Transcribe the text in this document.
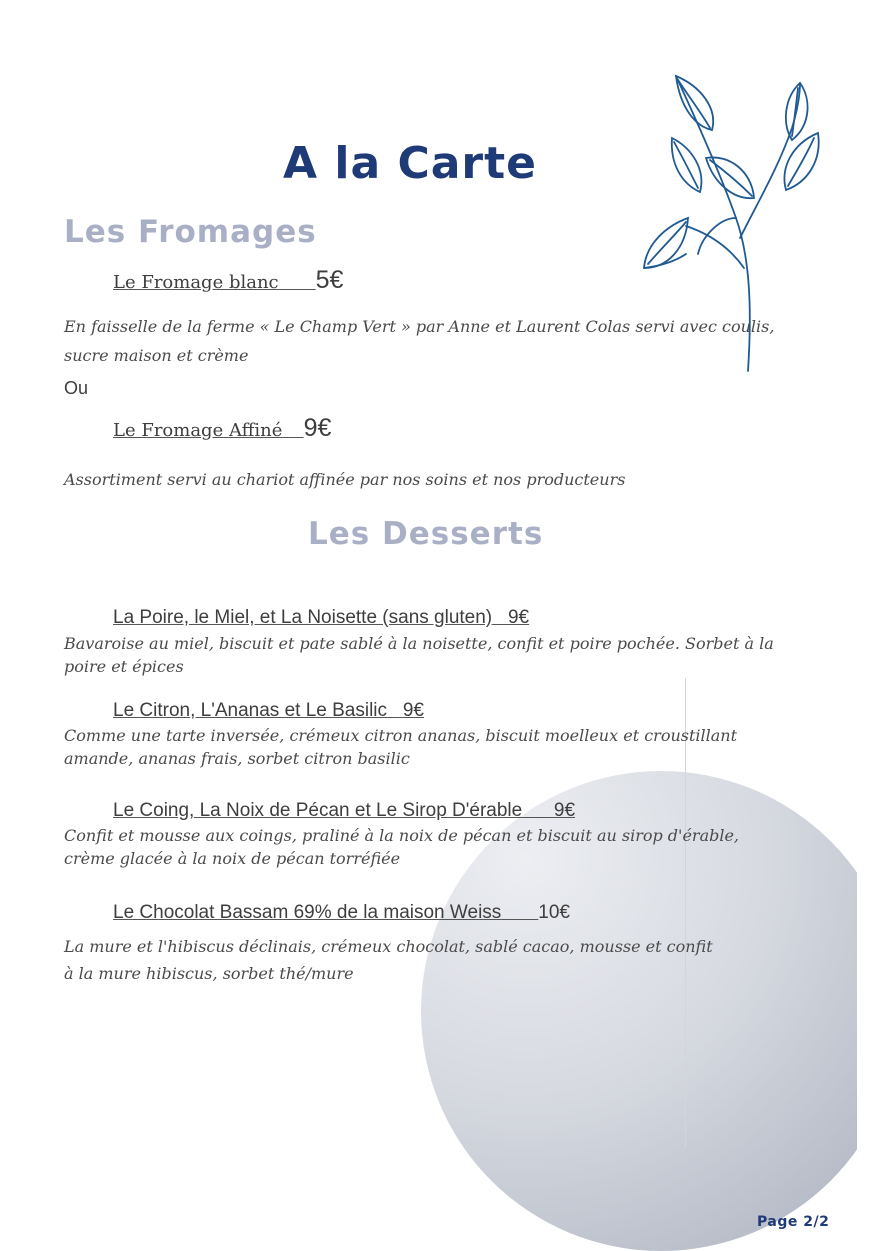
A la Carte
Les Fromages
Le Fromage blanc 5€
En faisselle de la ferme « Le Champ Vert » par Anne et Laurent Colas servi avec coulis, sucre maison et crème
Ou
Le Fromage Affiné 9€
Assortiment servi au chariot affinée par nos soins et nos producteurs
Les Desserts
La Poire, le Miel, et La Noisette (sans gluten) 9€
Bavaroise au miel, biscuit et pate sablé à la noisette, confit et poire pochée. Sorbet à la poire et épices
Le Citron, L'Ananas et Le Basilic 9€
Comme une tarte inversée, crémeux citron ananas, biscuit moelleux et croustillant amande, ananas frais, sorbet citron basilic
Le Coing, La Noix de Pécan et Le Sirop D'érable 9€
Confit et mousse aux coings, praliné à la noix de pécan et biscuit au sirop d'érable, crème glacée à la noix de pécan torréfiée
Le Chocolat Bassam 69% de la maison Weiss 10€
La mure et l'hibiscus déclinais, crémeux chocolat, sablé cacao, mousse et confit à la mure hibiscus, sorbet thé/mure
Page 2/2
